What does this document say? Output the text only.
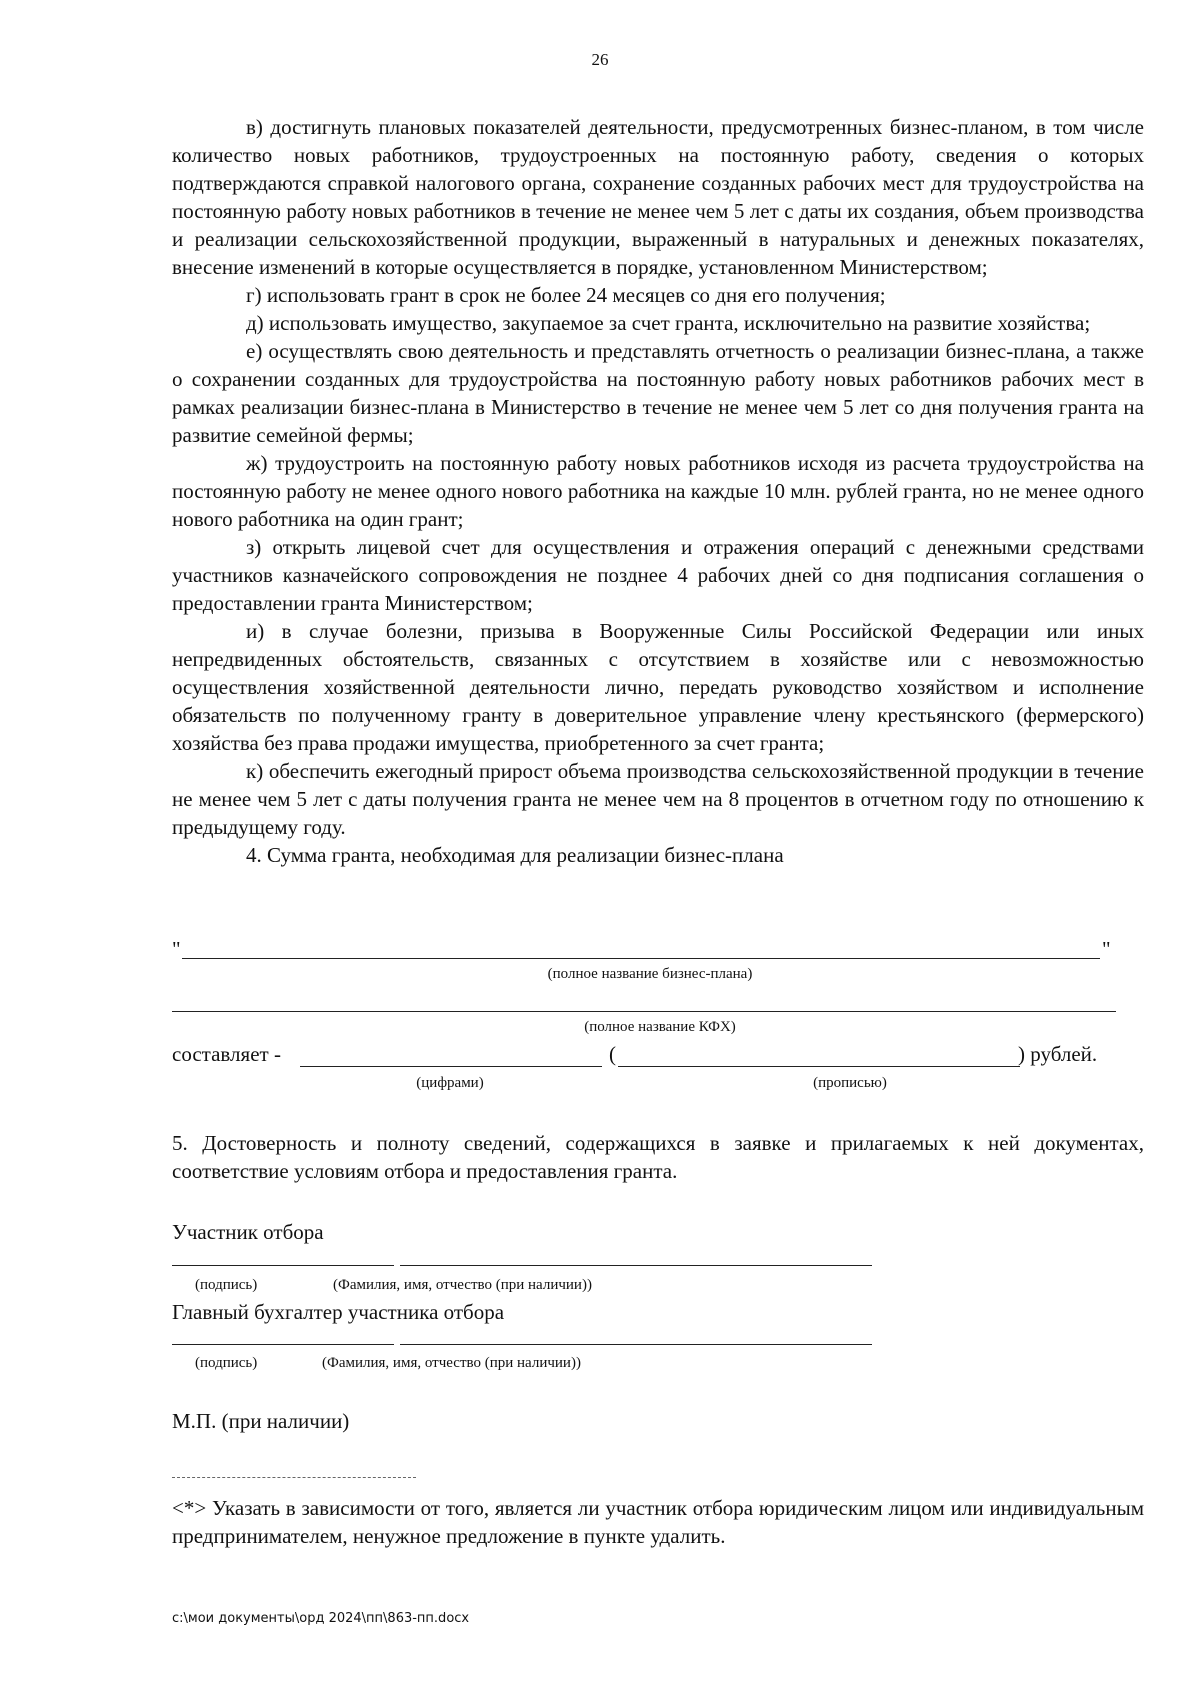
26

в) достигнуть плановых показателей деятельности, предусмотренных бизнес-планом, в том числе количество новых работников, трудоустроенных на постоянную работу, сведения о которых подтверждаются справкой налогового органа, сохранение созданных рабочих мест для трудоустройства на постоянную работу новых работников в течение не менее чем 5 лет с даты их создания, объем производства и реализации сельскохозяйственной продукции, выраженный в натуральных и денежных показателях, внесение изменений в которые осуществляется в порядке, установленном Министерством;

г) использовать грант в срок не более 24 месяцев со дня его получения;

д) использовать имущество, закупаемое за счет гранта, исключительно на развитие хозяйства;

е) осуществлять свою деятельность и представлять отчетность о реализации бизнес-плана, а также о сохранении созданных для трудоустройства на постоянную работу новых работников рабочих мест в рамках реализации бизнес-плана в Министерство в течение не менее чем 5 лет со дня получения гранта на развитие семейной фермы;

ж) трудоустроить на постоянную работу новых работников исходя из расчета трудоустройства на постоянную работу не менее одного нового работника на каждые 10 млн. рублей гранта, но не менее одного нового работника на один грант;

з) открыть лицевой счет для осуществления и отражения операций с денежными средствами участников казначейского сопровождения не позднее 4 рабочих дней со дня подписания соглашения о предоставлении гранта Министерством;

и) в случае болезни, призыва в Вооруженные Силы Российской Федерации или иных непредвиденных обстоятельств, связанных с отсутствием в хозяйстве или с невозможностью осуществления хозяйственной деятельности лично, передать руководство хозяйством и исполнение обязательств по полученному гранту в доверительное управление члену крестьянского (фермерского) хозяйства без права продажи имущества, приобретенного за счет гранта;

к) обеспечить ежегодный прирост объема производства сельскохозяйственной продукции в течение не менее чем 5 лет с даты получения гранта не менее чем на 8 процентов в отчетном году по отношению к предыдущему году.

4. Сумма гранта, необходимая для реализации бизнес-плана

"	"
(полное название бизнес-плана)
(полное название КФХ)
составляет -	(	) рублей.
(цифрами)	(прописью)

5. Достоверность и полноту сведений, содержащихся в заявке и прилагаемых к ней документах, соответствие условиям отбора и предоставления гранта.

Участник отбора
(подпись)	(Фамилия, имя, отчество (при наличии))
Главный бухгалтер участника отбора
(подпись)	(Фамилия, имя, отчество (при наличии))
М.П. (при наличии)

<*> Указать в зависимости от того, является ли участник отбора юридическим лицом или индивидуальным предпринимателем, ненужное предложение в пункте удалить.

с:\мои документы\орд 2024\пп\863-пп.docx
